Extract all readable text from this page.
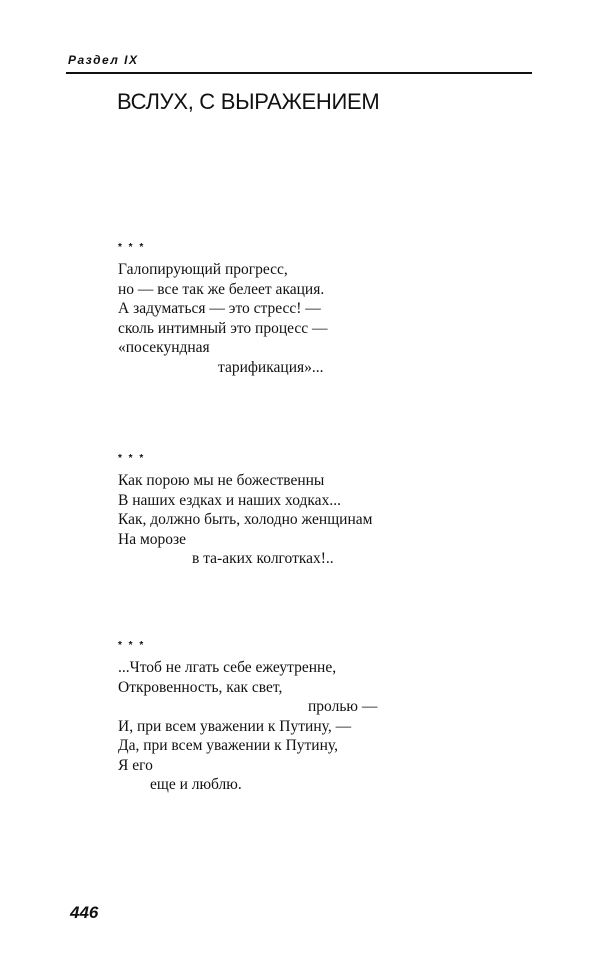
Раздел IX
ВСЛУХ, С ВЫРАЖЕНИЕМ
* * *
Галопирующий прогресс,
но — все так же белеет акация.
А задуматься — это стресс! —
сколь интимный это процесс —
«посекундная
тарификация»...
* * *
Как порою мы не божественны
В наших ездках и наших ходках...
Как, должно быть, холодно женщинам
На морозе
в та-аких колготках!..
* * *
...Чтоб не лгать себе ежеутренне,
Откровенность, как свет,
пролью —
И, при всем уважении к Путину, —
Да, при всем уважении к Путину,
Я его
еще и люблю.
446
